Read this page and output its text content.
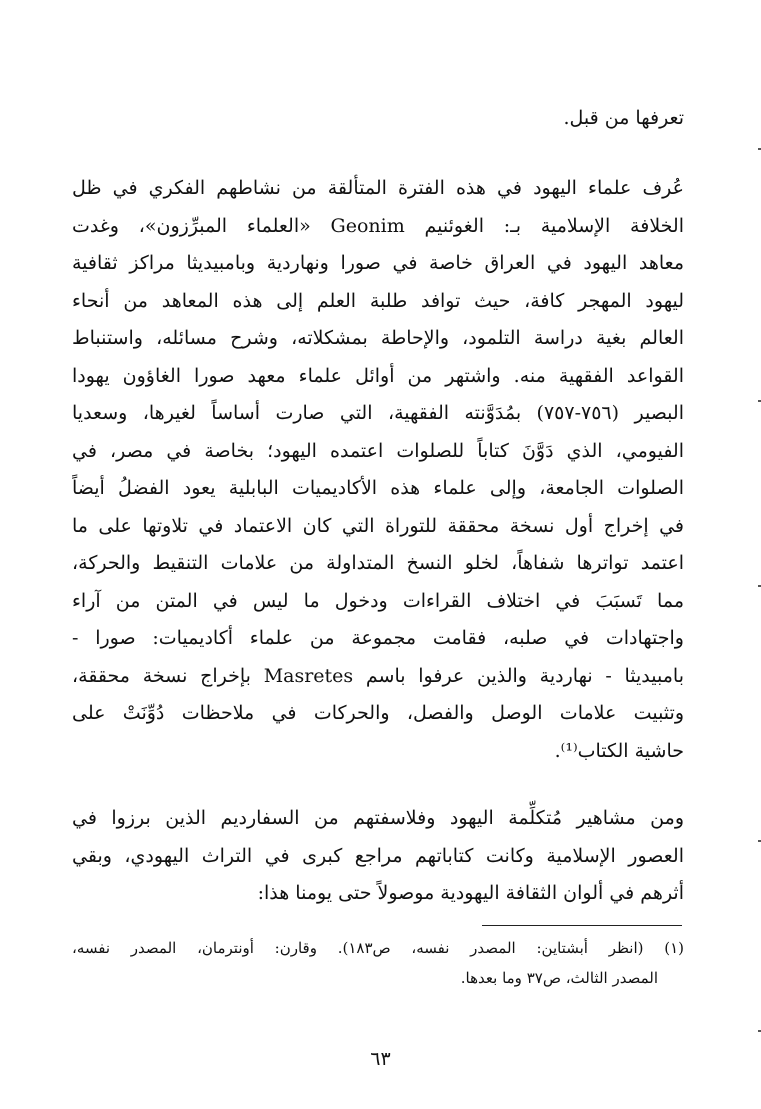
تعرفها من قبل.
عُرف علماء اليهود في هذه الفترة المتألقة من نشاطهم الفكري في ظل
الخلافة الإسلامية بـ: الغوئنيم Geonim «العلماء المبرِّزون»، وغدت
معاهد اليهود في العراق خاصة في صورا ونهاردية وبامبيديثا مراكز ثقافية
ليهود المهجر كافة، حيث توافد طلبة العلم إلى هذه المعاهد من أنحاء
العالم بغية دراسة التلمود، والإحاطة بمشكلاته، وشرح مسائله، واستنباط
القواعد الفقهية منه. واشتهر من أوائل علماء معهد صورا الغاؤون يهودا
البصير (٧٥٦-٧٥٧) بمُدَوَّنته الفقهية، التي صارت أساساً لغيرها، وسعديا
الفيومي، الذي دَوَّنَ كتاباً للصلوات اعتمده اليهود؛ بخاصة في مصر، في
الصلوات الجامعة، وإلى علماء هذه الأكاديميات البابلية يعود الفضلُ أيضاً
في إخراج أول نسخة محققة للتوراة التي كان الاعتماد في تلاوتها على ما
اعتمد تواترها شفاهاً، لخلو النسخ المتداولة من علامات التنقيط والحركة،
مما تَسبَبَ في اختلاف القراءات ودخول ما ليس في المتن من آراء
واجتهادات في صلبه، فقامت مجموعة من علماء أكاديميات: صورا -
بامبيديثا - نهاردية والذين عرفوا باسم Masretes بإخراج نسخة محققة،
وتثبيت علامات الوصل والفصل، والحركات في ملاحظات دُوِّنَتْ على
حاشية الكتاب⁽¹⁾.
ومن مشاهير مُتكلِّمة اليهود وفلاسفتهم من السفارديم الذين برزوا في
العصور الإسلامية وكانت كتاباتهم مراجع كبرى في التراث اليهودي، وبقي
أثرهم في ألوان الثقافة اليهودية موصولاً حتى يومنا هذا:
(١) (انظر أبشتاين: المصدر نفسه، ص١٨٣). وقارن: أونترمان، المصدر نفسه،
المصدر الثالث، ص٣٧ وما بعدها.
٦٣
